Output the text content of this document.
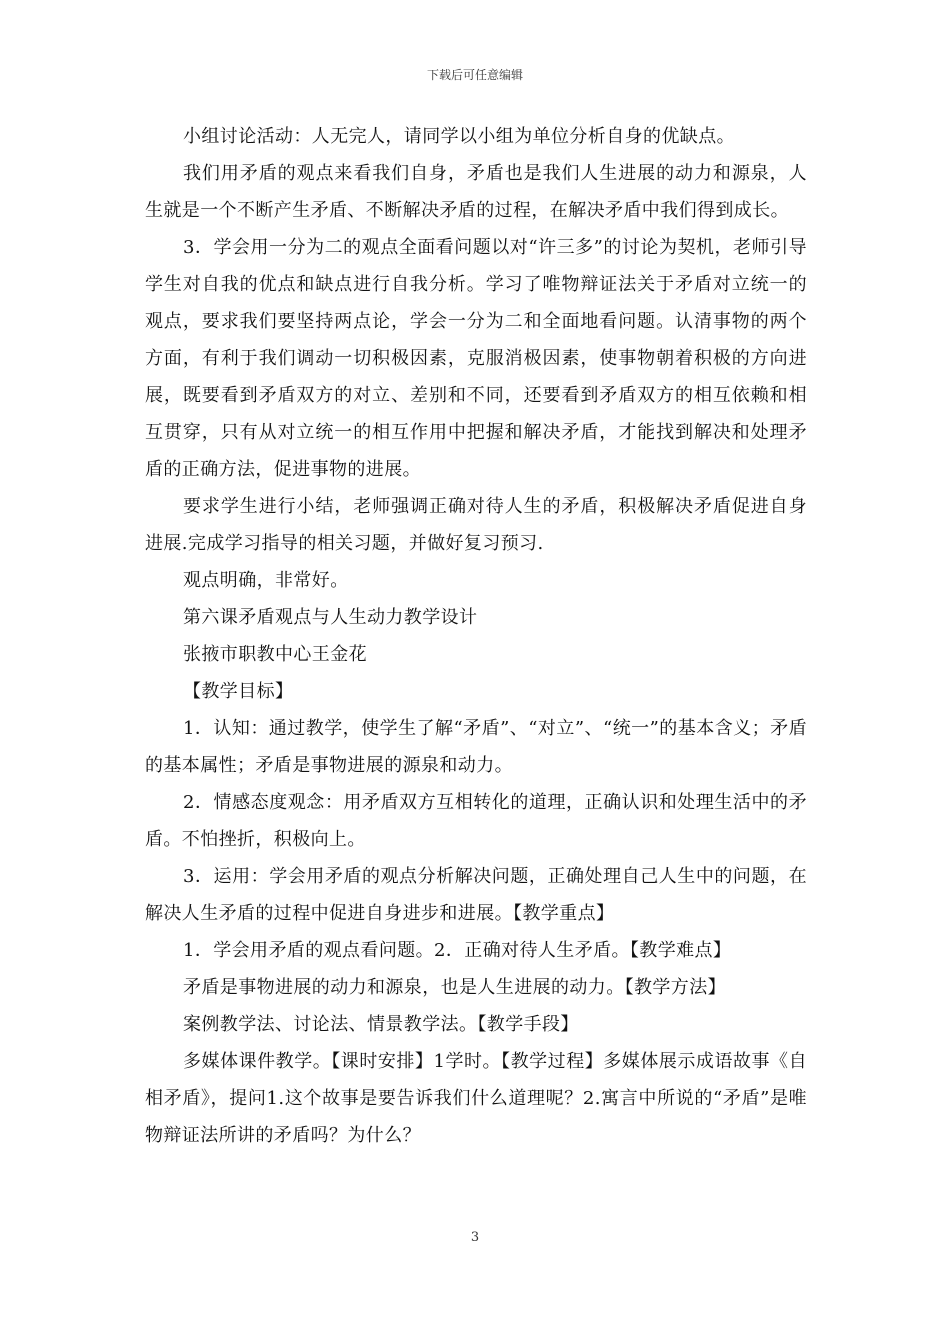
下载后可任意编辑

小组讨论活动：人无完人，请同学以小组为单位分析自身的优缺点。

我们用矛盾的观点来看我们自身，矛盾也是我们人生进展的动力和源泉，人生就是一个不断产生矛盾、不断解决矛盾的过程，在解决矛盾中我们得到成长。

3．学会用一分为二的观点全面看问题以对“许三多”的讨论为契机，老师引导学生对自我的优点和缺点进行自我分析。学习了唯物辩证法关于矛盾对立统一的观点，要求我们要坚持两点论，学会一分为二和全面地看问题。认清事物的两个方面，有利于我们调动一切积极因素，克服消极因素，使事物朝着积极的方向进展，既要看到矛盾双方的对立、差别和不同，还要看到矛盾双方的相互依赖和相互贯穿，只有从对立统一的相互作用中把握和解决矛盾，才能找到解决和处理矛盾的正确方法，促进事物的进展。

要求学生进行小结，老师强调正确对待人生的矛盾，积极解决矛盾促进自身进展.完成学习指导的相关习题，并做好复习预习.

观点明确，非常好。

第六课矛盾观点与人生动力教学设计

张掖市职教中心王金花

【教学目标】

1．认知：通过教学，使学生了解“矛盾”、“对立”、“统一”的基本含义；矛盾的基本属性；矛盾是事物进展的源泉和动力。

2．情感态度观念：用矛盾双方互相转化的道理，正确认识和处理生活中的矛盾。不怕挫折，积极向上。

3．运用：学会用矛盾的观点分析解决问题，正确处理自己人生中的问题，在解决人生矛盾的过程中促进自身进步和进展。【教学重点】

1．学会用矛盾的观点看问题。2．正确对待人生矛盾。【教学难点】

矛盾是事物进展的动力和源泉，也是人生进展的动力。【教学方法】

案例教学法、讨论法、情景教学法。【教学手段】

多媒体课件教学。【课时安排】1学时。【教学过程】多媒体展示成语故事《自相矛盾》，提问1.这个故事是要告诉我们什么道理呢？2.寓言中所说的“矛盾”是唯物辩证法所讲的矛盾吗？为什么？

3
